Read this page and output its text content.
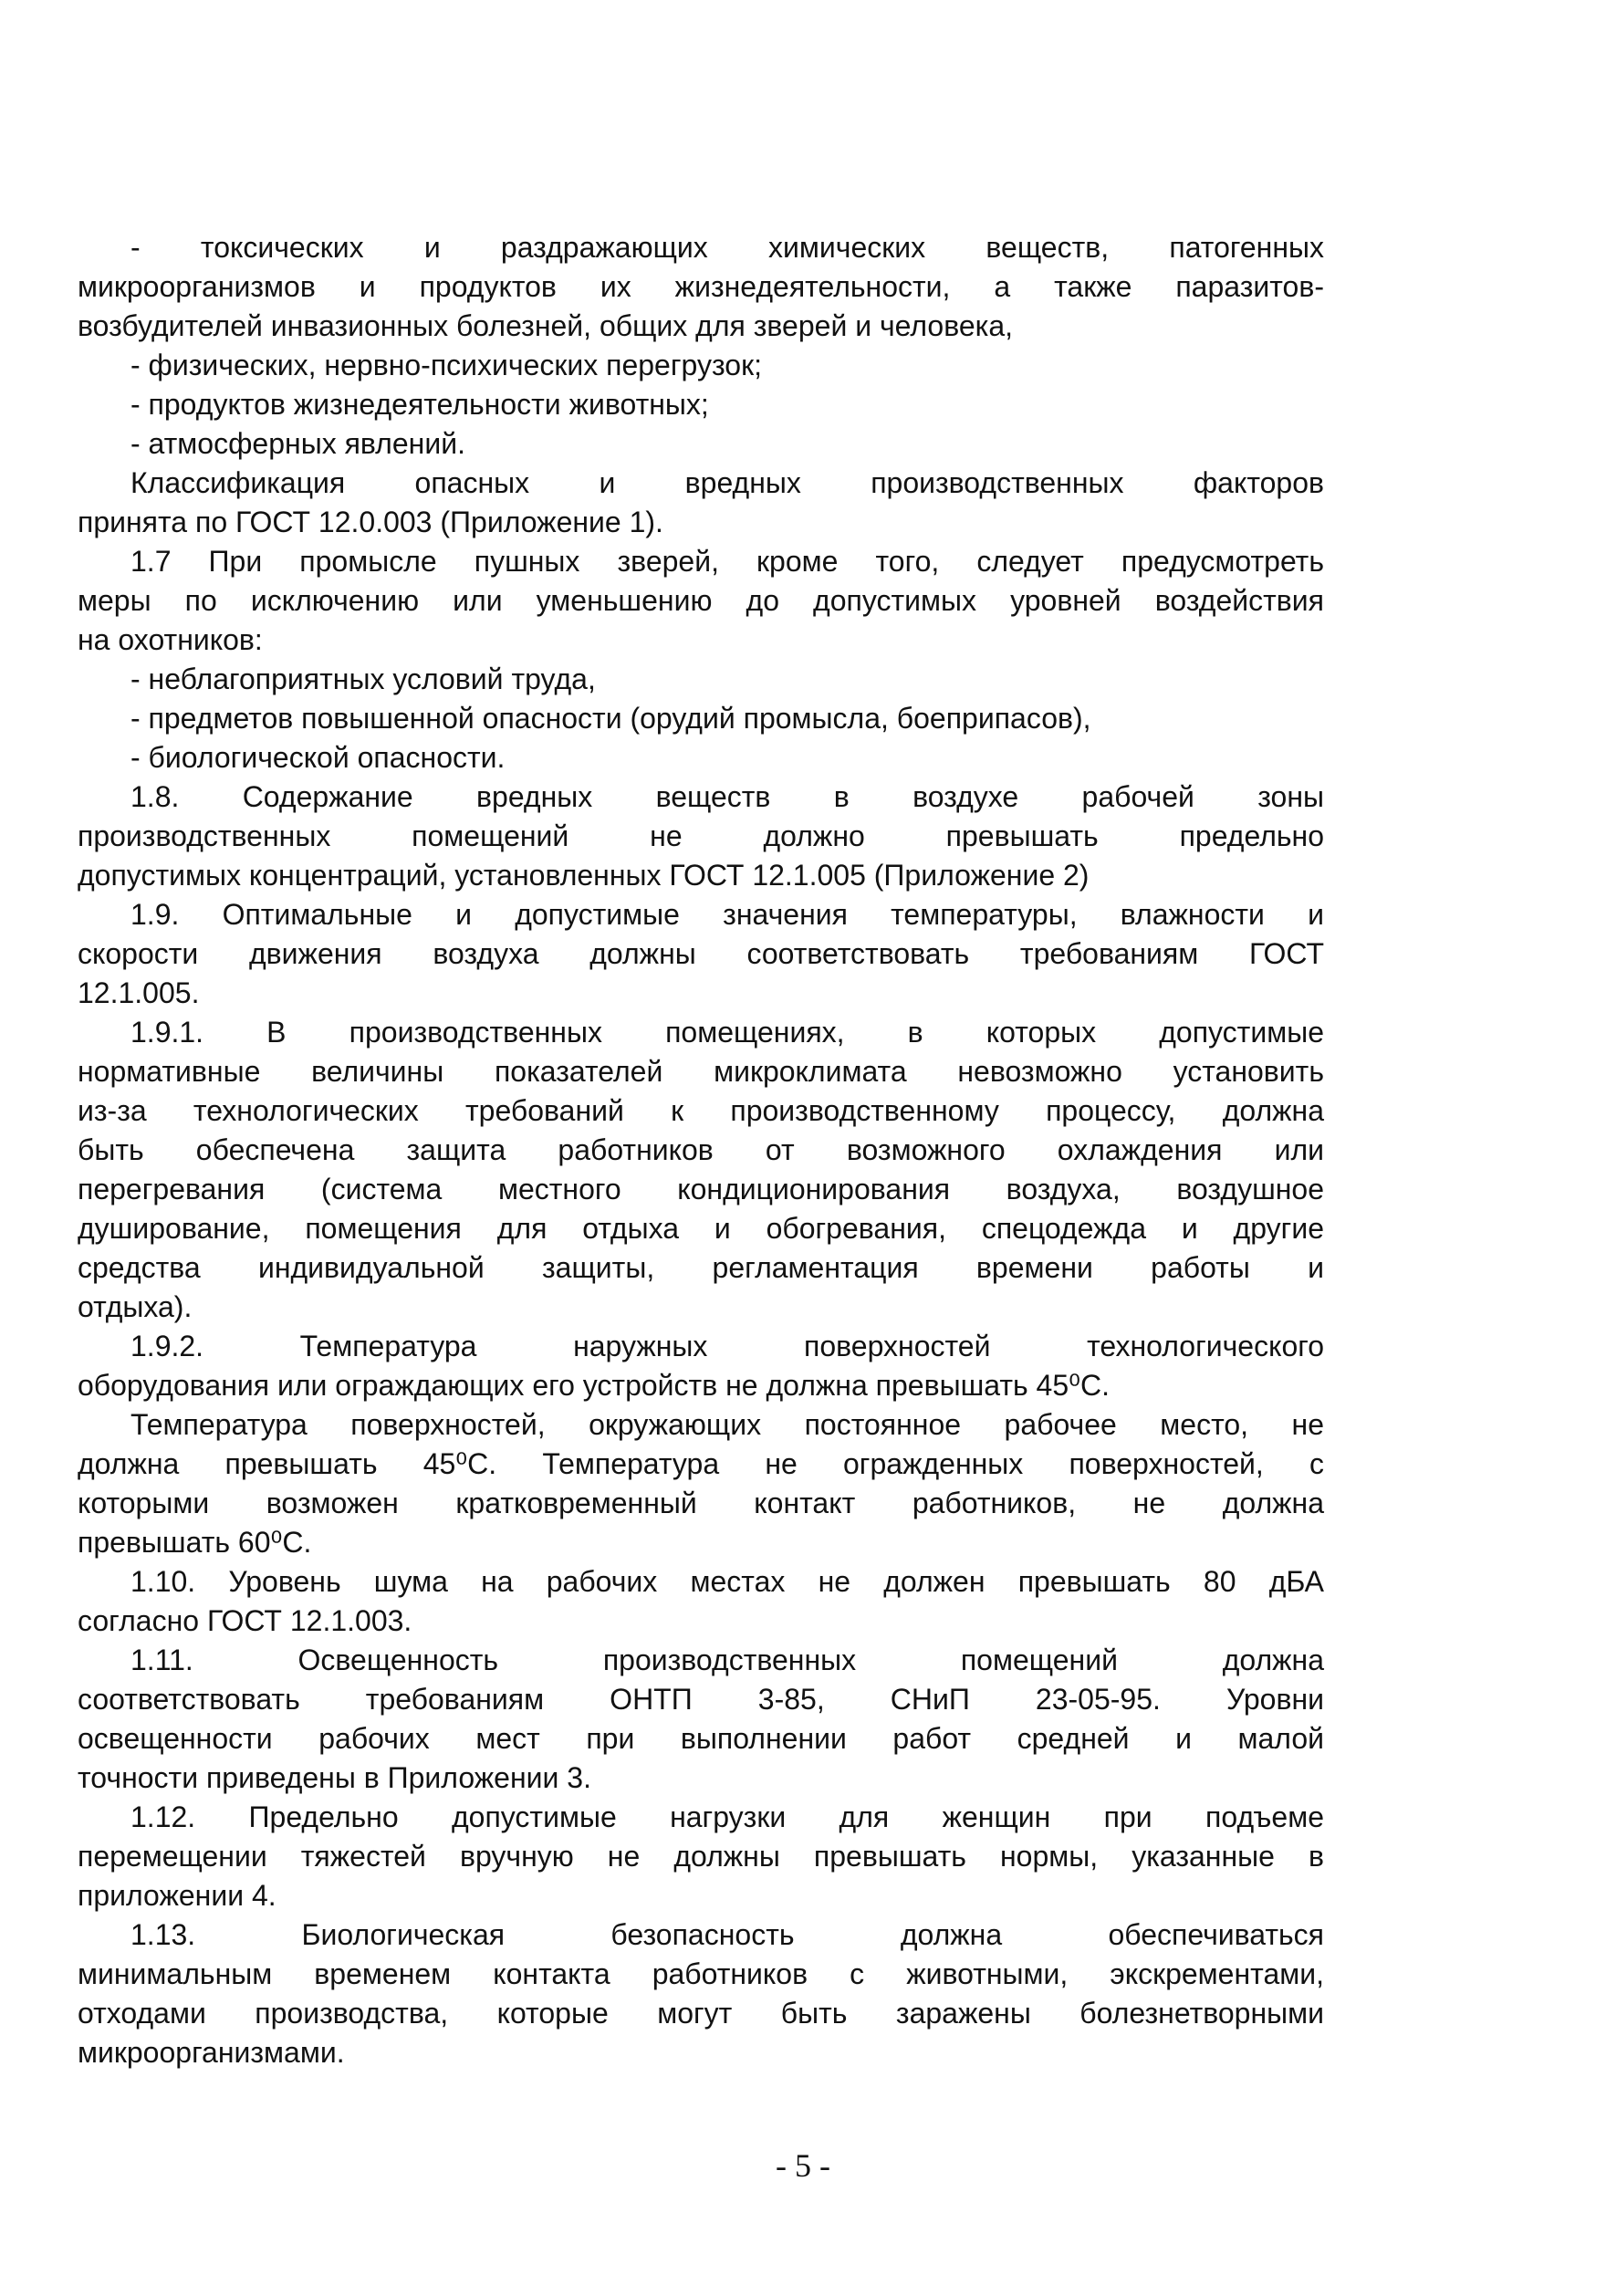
- токсических и раздражающих химических веществ, патогенных
микроорганизмов и продуктов их жизнедеятельности, а также паразитов-
возбудителей инвазионных болезней, общих для зверей и человека,
- физических, нервно-психических перегрузок;
- продуктов жизнедеятельности животных;
- атмосферных явлений.
Классификация опасных и вредных производственных факторов
принята по ГОСТ 12.0.003 (Приложение 1).
1.7 При промысле пушных зверей, кроме того, следует предусмотреть
меры по исключению или уменьшению до допустимых уровней воздействия
на охотников:
- неблагоприятных условий труда,
- предметов повышенной опасности (орудий промысла, боеприпасов),
- биологической опасности.
1.8. Содержание вредных веществ в воздухе рабочей зоны
производственных помещений не должно превышать предельно
допустимых концентраций, установленных ГОСТ 12.1.005 (Приложение 2)
1.9. Оптимальные и допустимые значения температуры, влажности и
скорости движения воздуха должны соответствовать требованиям ГОСТ
12.1.005.
1.9.1. В производственных помещениях, в которых допустимые
нормативные величины показателей микроклимата невозможно установить
из-за технологических требований к производственному процессу, должна
быть обеспечена защита работников от возможного охлаждения или
перегревания (система местного кондиционирования воздуха, воздушное
душирование, помещения для отдыха и обогревания, спецодежда и другие
средства индивидуальной защиты, регламентация времени работы и
отдыха).
1.9.2. Температура наружных поверхностей технологического
оборудования или ограждающих его устройств не должна превышать 45⁰С.
Температура поверхностей, окружающих постоянное рабочее место, не
должна превышать 45⁰С. Температура не огражденных поверхностей, с
которыми возможен кратковременный контакт работников, не должна
превышать 60⁰С.
1.10. Уровень шума на рабочих местах не должен превышать 80 дБА
согласно ГОСТ 12.1.003.
1.11. Освещенность производственных помещений должна
соответствовать требованиям ОНТП 3-85, СНиП 23-05-95. Уровни
освещенности рабочих мест при выполнении работ средней и малой
точности приведены в Приложении 3.
1.12. Предельно допустимые нагрузки для женщин при подъеме
перемещении тяжестей вручную не должны превышать нормы, указанные в
приложении 4.
1.13. Биологическая безопасность должна обеспечиваться
минимальным временем контакта работников с животными, экскрементами,
отходами производства, которые могут быть заражены болезнетворными
микроорганизмами.
- 5 -
